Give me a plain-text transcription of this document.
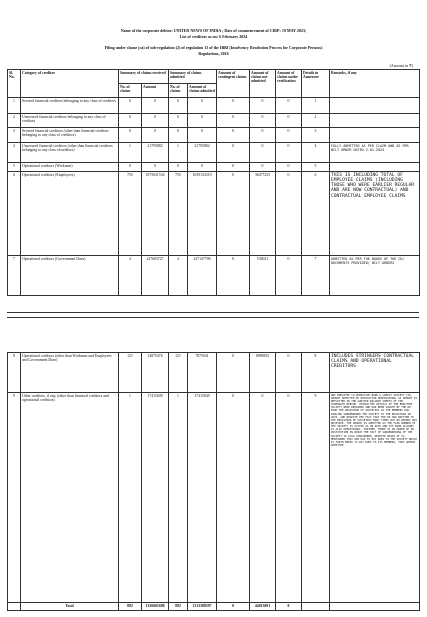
Name of the corporate debtor: UNITED NEWS OF INDIA ; Date of commencement of CIRP: 19 MAY 2023;
List of creditors as on: 6 February 2024
Filing under clause (ca) of sub-regulation (2) of regulation 13 of the IBBI (Insolvency Resolution Process for Corporate Persons)
Regulations, 2016
(Amount in ₹)
Sl. No.	Category of creditor	Summary of claims received		Summary of claims admitted		Amount of contingent claims	Amount of claims not admitted	Amount of claims under verification	Details in Annexure	Remarks, if any
		No. of claims	Amount	No. of claims	Amount of claims admitted					
1	Secured financial creditors belonging to any class of creditors	0	0	0	0	0	0	0	1	
2	Unsecured financial creditors belonging to any class of creditors	0	0	0	0	0	0	0	2	
3	Secured financial creditors (other than financial creditors belonging to any class of creditors)	0	0	0	0	0	0	0	3	
4	Unsecured financial creditors (other than financial creditors belonging to any class ofcreditors)	1	21795882	1	21795882	0	0	0	4	FULLY ADMITTED AS PER CLAIM AND AS PER NCLT ORDER DATED 2.01.2024
5	Operational creditors (Workmen)	0	0	0	0	0	0	0	5	
6	Operational creditors (Employees)	755	1075631554	755	1039154319	0	36477235	0	6	THIS IS INCLUDING TOTAL OF EMPLOYEE CLAIMS (INCLUDING THOSE WHO WERE EARLIER REGULAR AND ARE NOW CONTRACTUAL) AND CONTRACTUAL EMPLOYEE CLAIMS
7	Operational creditors (Government Dues)	4	227683727	4	227147706	0	536021	0	7	ADMITTED AS PER THE BOOKS OF THE CD/ DOCUMENTS PROVIDED/ NCLT ORDERS
8	Operational creditors (other than Workmen and Employees and Government Dues)	121	14875476	121	7875641	0	6999835	0	8	INCLUDES STRINGERS CONTRACTUAL CLAIMS AND OPERATIONAL CREDITORS
9	Other creditors, if any, (other than financial creditors and operational creditors)	1	17415049	1	17415049	0	0	0	9	UNI EMPLOYEE CO-OPERATIVE BANK & CREDIT SOCIETY LTD. AMOUNT ADMITTED BY RESOLUTION PROFESSIONAL AS AMOUNT IS REFLECTED IN THE AUDITED BALANCE SHEETS OF THE CORPORATE DEBTOR. THOUGH THE DETAILS OF THE EMPLOYEE SOCIETY WERE REQUIRED AND HAD BEEN SOUGHT BY THE RP FROM THE REGISTRAR OF SOCIETIES AS THE MEMBERS HAD EARLIER SURRENDERED THE SOCIETY TO THE REGISTRAR IN 2022, AND DESPITE THE FACT THAT THE RP HAD WRITTEN TO THE REGISTRAR OF SOCIETIES MANY TIMES BUT NO REVERT WAS RECEIVED. THE AMOUNT IS ADMITTED AS THE FAIR NUMBER OF THE SOCIETY IS ACTIVE AS ON DATE AND ITS BANK ACCOUNT IS ALSO OPERATIONAL. FURTHER, THERE IS AN ORDER OF AN INSTITUTION IN WHICH THE FACT OF SURRENDERING OF THE SOCIETY IS ALSO CONSIDERED, DESPITE WHICH IT IS MENTIONED THAT UNI HAS TO PAY DUES TO THE SOCIETY WHICH IS FURTH NEEDS TO PAY DUES TO ITS MEMBERS, THUS AMOUNT ADMITTED
	Total	882	1356601688	882	1313388597	0	44013091	0		
